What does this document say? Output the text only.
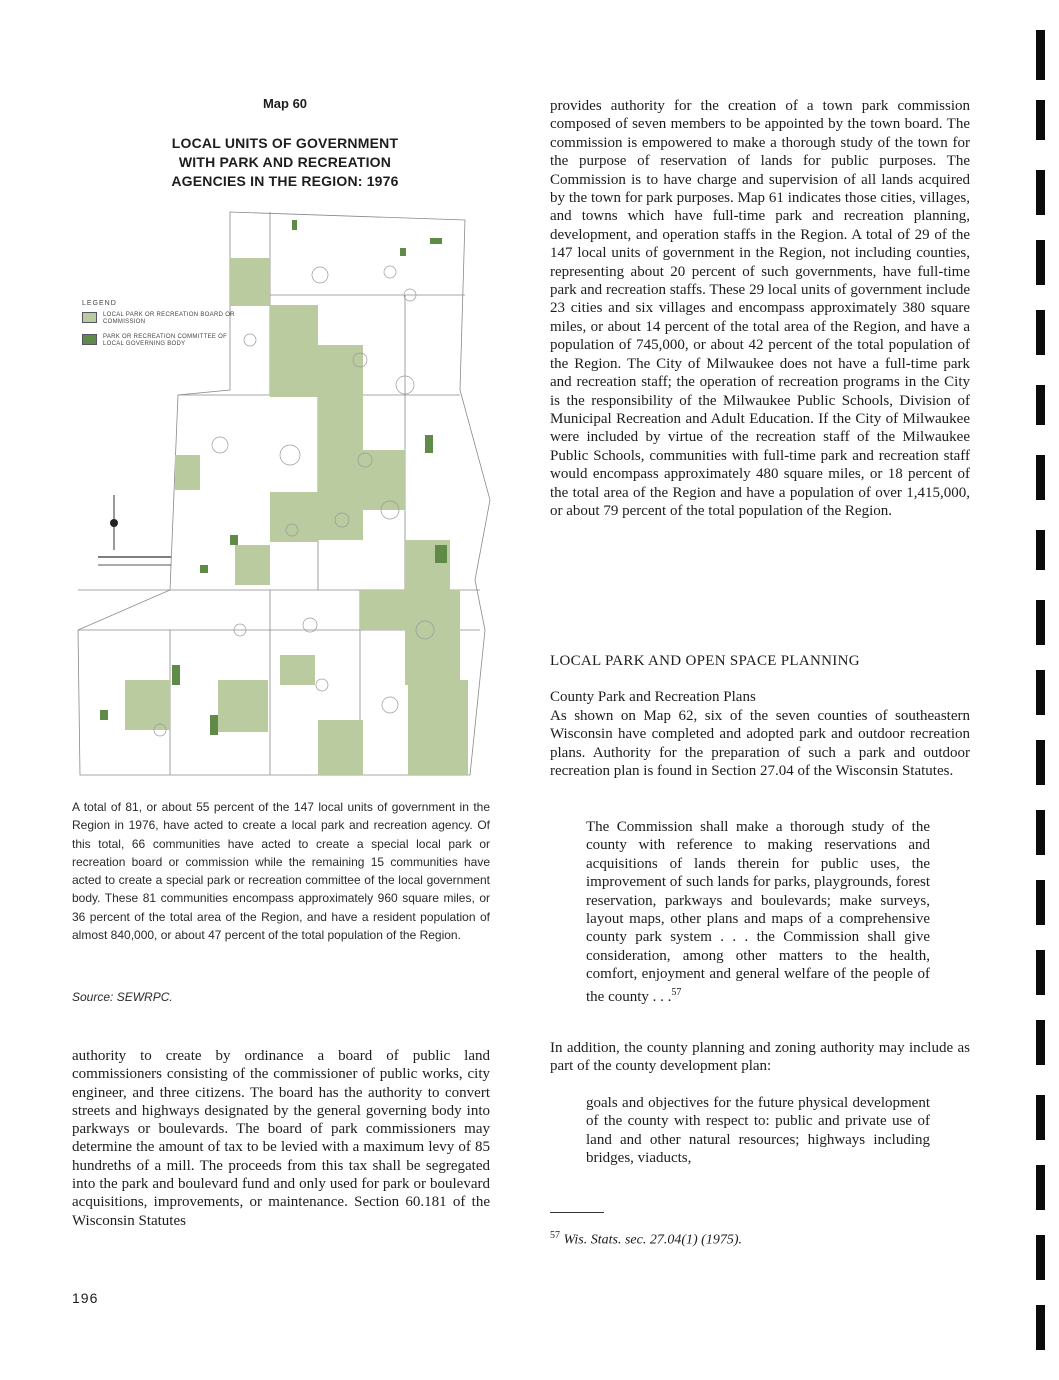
Map 60
LOCAL UNITS OF GOVERNMENT
WITH PARK AND RECREATION
AGENCIES IN THE REGION: 1976
LEGEND
LOCAL PARK OR RECREATION BOARD OR COMMISSION
PARK OR RECREATION COMMITTEE OF LOCAL GOVERNING BODY
A total of 81, or about 55 percent of the 147 local units of government in the Region in 1976, have acted to create a local park and recreation agency. Of this total, 66 communities have acted to create a special local park or recreation board or commission while the remaining 15 communities have acted to create a special park or recreation committee of the local government body. These 81 communities encompass approximately 960 square miles, or 36 percent of the total area of the Region, and have a resident population of almost 840,000, or about 47 percent of the total population of the Region.
Source: SEWRPC.
authority to create by ordinance a board of public land commissioners consisting of the commissioner of public works, city engineer, and three citizens. The board has the authority to convert streets and highways designated by the general governing body into parkways or boulevards. The board of park commissioners may determine the amount of tax to be levied with a maximum levy of 85 hundreths of a mill. The proceeds from this tax shall be segregated into the park and boulevard fund and only used for park or boulevard acquisitions, improvements, or maintenance. Section 60.181 of the Wisconsin Statutes
provides authority for the creation of a town park commission composed of seven members to be appointed by the town board. The commission is empowered to make a thorough study of the town for the purpose of reservation of lands for public purposes. The Commission is to have charge and supervision of all lands acquired by the town for park purposes. Map 61 indicates those cities, villages, and towns which have full-time park and recreation planning, development, and operation staffs in the Region. A total of 29 of the 147 local units of government in the Region, not including counties, representing about 20 percent of such governments, have full-time park and recreation staffs. These 29 local units of government include 23 cities and six villages and encompass approximately 380 square miles, or about 14 percent of the total area of the Region, and have a population of 745,000, or about 42 percent of the total population of the Region. The City of Milwaukee does not have a full-time park and recreation staff; the operation of recreation programs in the City is the responsibility of the Milwaukee Public Schools, Division of Municipal Recreation and Adult Education. If the City of Milwaukee were included by virtue of the recreation staff of the Milwaukee Public Schools, communities with full-time park and recreation staff would encompass approximately 480 square miles, or 18 percent of the total area of the Region and have a population of over 1,415,000, or about 79 percent of the total population of the Region.
LOCAL PARK AND OPEN SPACE PLANNING
County Park and Recreation Plans
As shown on Map 62, six of the seven counties of southeastern Wisconsin have completed and adopted park and outdoor recreation plans. Authority for the preparation of such a park and outdoor recreation plan is found in Section 27.04 of the Wisconsin Statutes.
The Commission shall make a thorough study of the county with reference to making reservations and acquisitions of lands therein for public uses, the improvement of such lands for parks, playgrounds, forest reservation, parkways and boulevards; make surveys, layout maps, other plans and maps of a comprehensive county park system . . . the Commission shall give consideration, among other matters to the health, comfort, enjoyment and general welfare of the people of the county . . .$^{57}$
In addition, the county planning and zoning authority may include as part of the county development plan:
goals and objectives for the future physical development of the county with respect to: public and private use of land and other natural resources; highways including bridges, viaducts,
$^{57}$ Wis. Stats. sec. 27.04(1) (1975).
196
